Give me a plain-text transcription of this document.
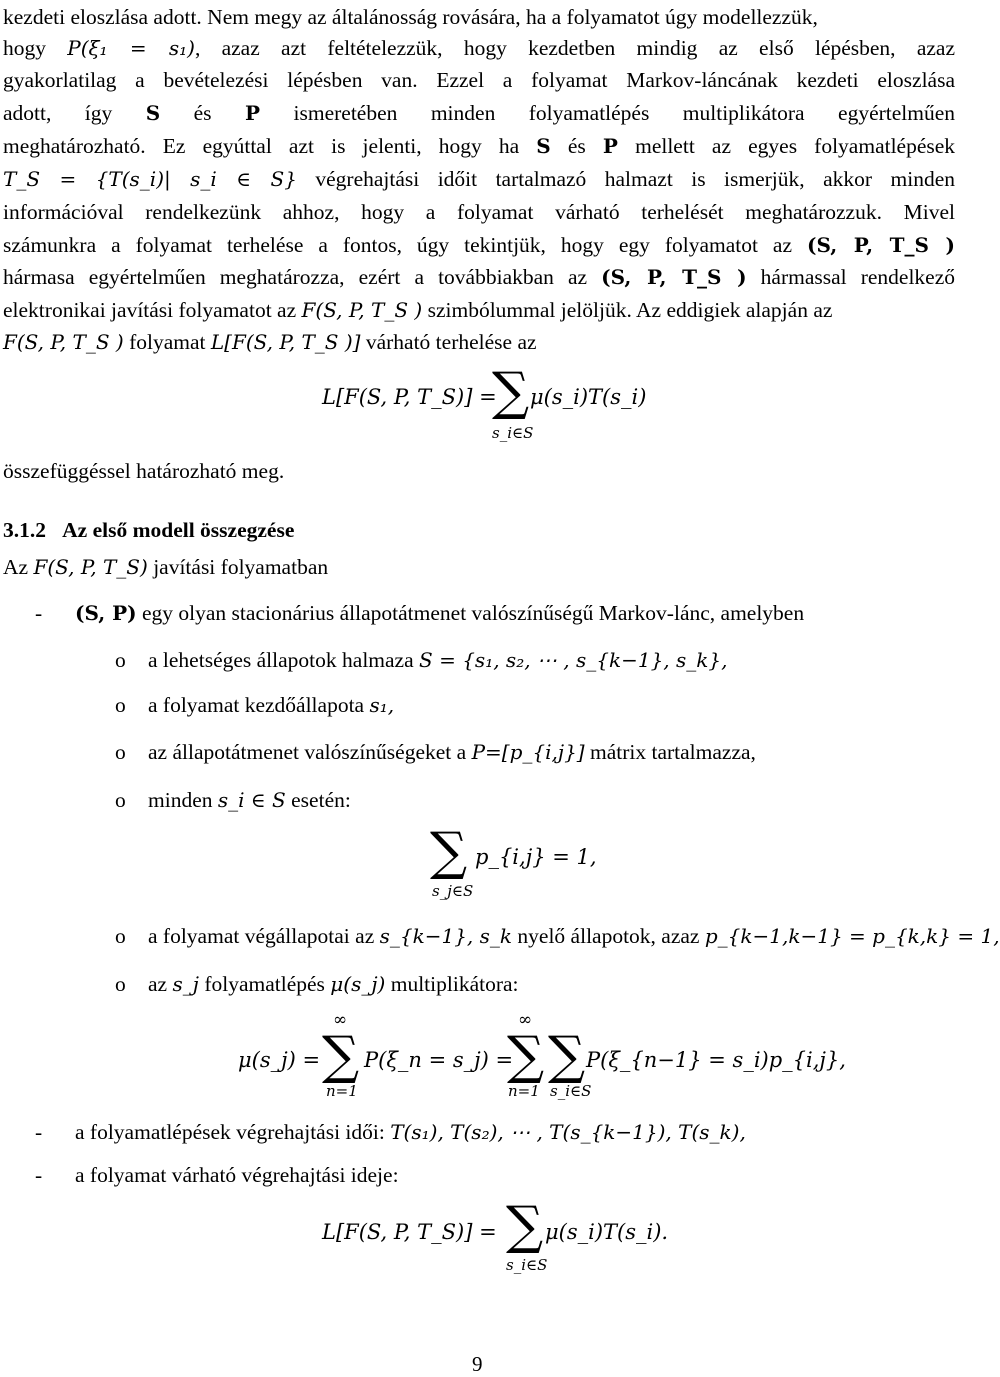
kezdeti eloszlása adott. Nem megy az általánosság rovására, ha a folyamatot úgy modellezzük,
hogy P(ξ₁ = s₁), azaz azt feltételezzük, hogy kezdetben mindig az első lépésben, azaz
gyakorlatilag a bevételezési lépésben van. Ezzel a folyamat Markov-láncának kezdeti eloszlása
adott, így S és P ismeretében minden folyamatlépés multiplikátora egyértelműen
meghatározható. Ez egyúttal azt is jelenti, hogy ha S és P mellett az egyes folyamatlépések
T_S = {T(s_i)| s_i ∈ S} végrehajtási időit tartalmazó halmazt is ismerjük, akkor minden
információval rendelkezünk ahhoz, hogy a folyamat várható terhelését meghatározzuk. Mivel
számunkra a folyamat terhelése a fontos, úgy tekintjük, hogy egy folyamatot az (S, P, T_S )
hármasa egyértelműen meghatározza, ezért a továbbiakban az (S, P, T_S ) hármassal rendelkező
elektronikai javítási folyamatot az F(S, P, T_S ) szimbólummal jelöljük. Az eddigiek alapján az
F(S, P, T_S ) folyamat L[F(S, P, T_S )] várható terhelése az
L[F(S, P, T_S)] =
∑
s_i∈S
μ(s_i)T(s_i)
összefüggéssel határozható meg.
3.1.2 Az első modell összegzése
Az F(S, P, T_S) javítási folyamatban
- (S, P) egy olyan stacionárius állapotátmenet valószínűségű Markov-lánc, amelyben
o a lehetséges állapotok halmaza S = {s₁, s₂, ⋯ , s_{k−1}, s_k},
o a folyamat kezdőállapota s₁,
o az állapotátmenet valószínűségeket a P=[p_{i,j}] mátrix tartalmazza,
o minden s_i ∈ S esetén:
∑
s_j∈S
p_{i,j} = 1,
o a folyamat végállapotai az s_{k−1}, s_k nyelő állapotok, azaz p_{k−1,k−1} = p_{k,k} = 1,
o az s_j folyamatlépés μ(s_j) multiplikátora:
μ(s_j) =
∞
∑
n=1
P(ξ_n = s_j) =
∞
∑
n=1
∑
s_i∈S
P(ξ_{n−1} = s_i)p_{i,j},
- a folyamatlépések végrehajtási idői: T(s₁), T(s₂), ⋯ , T(s_{k−1}), T(s_k),
- a folyamat várható végrehajtási ideje:
L[F(S, P, T_S)] = ∑
s_i∈S
μ(s_i)T(s_i).
9
